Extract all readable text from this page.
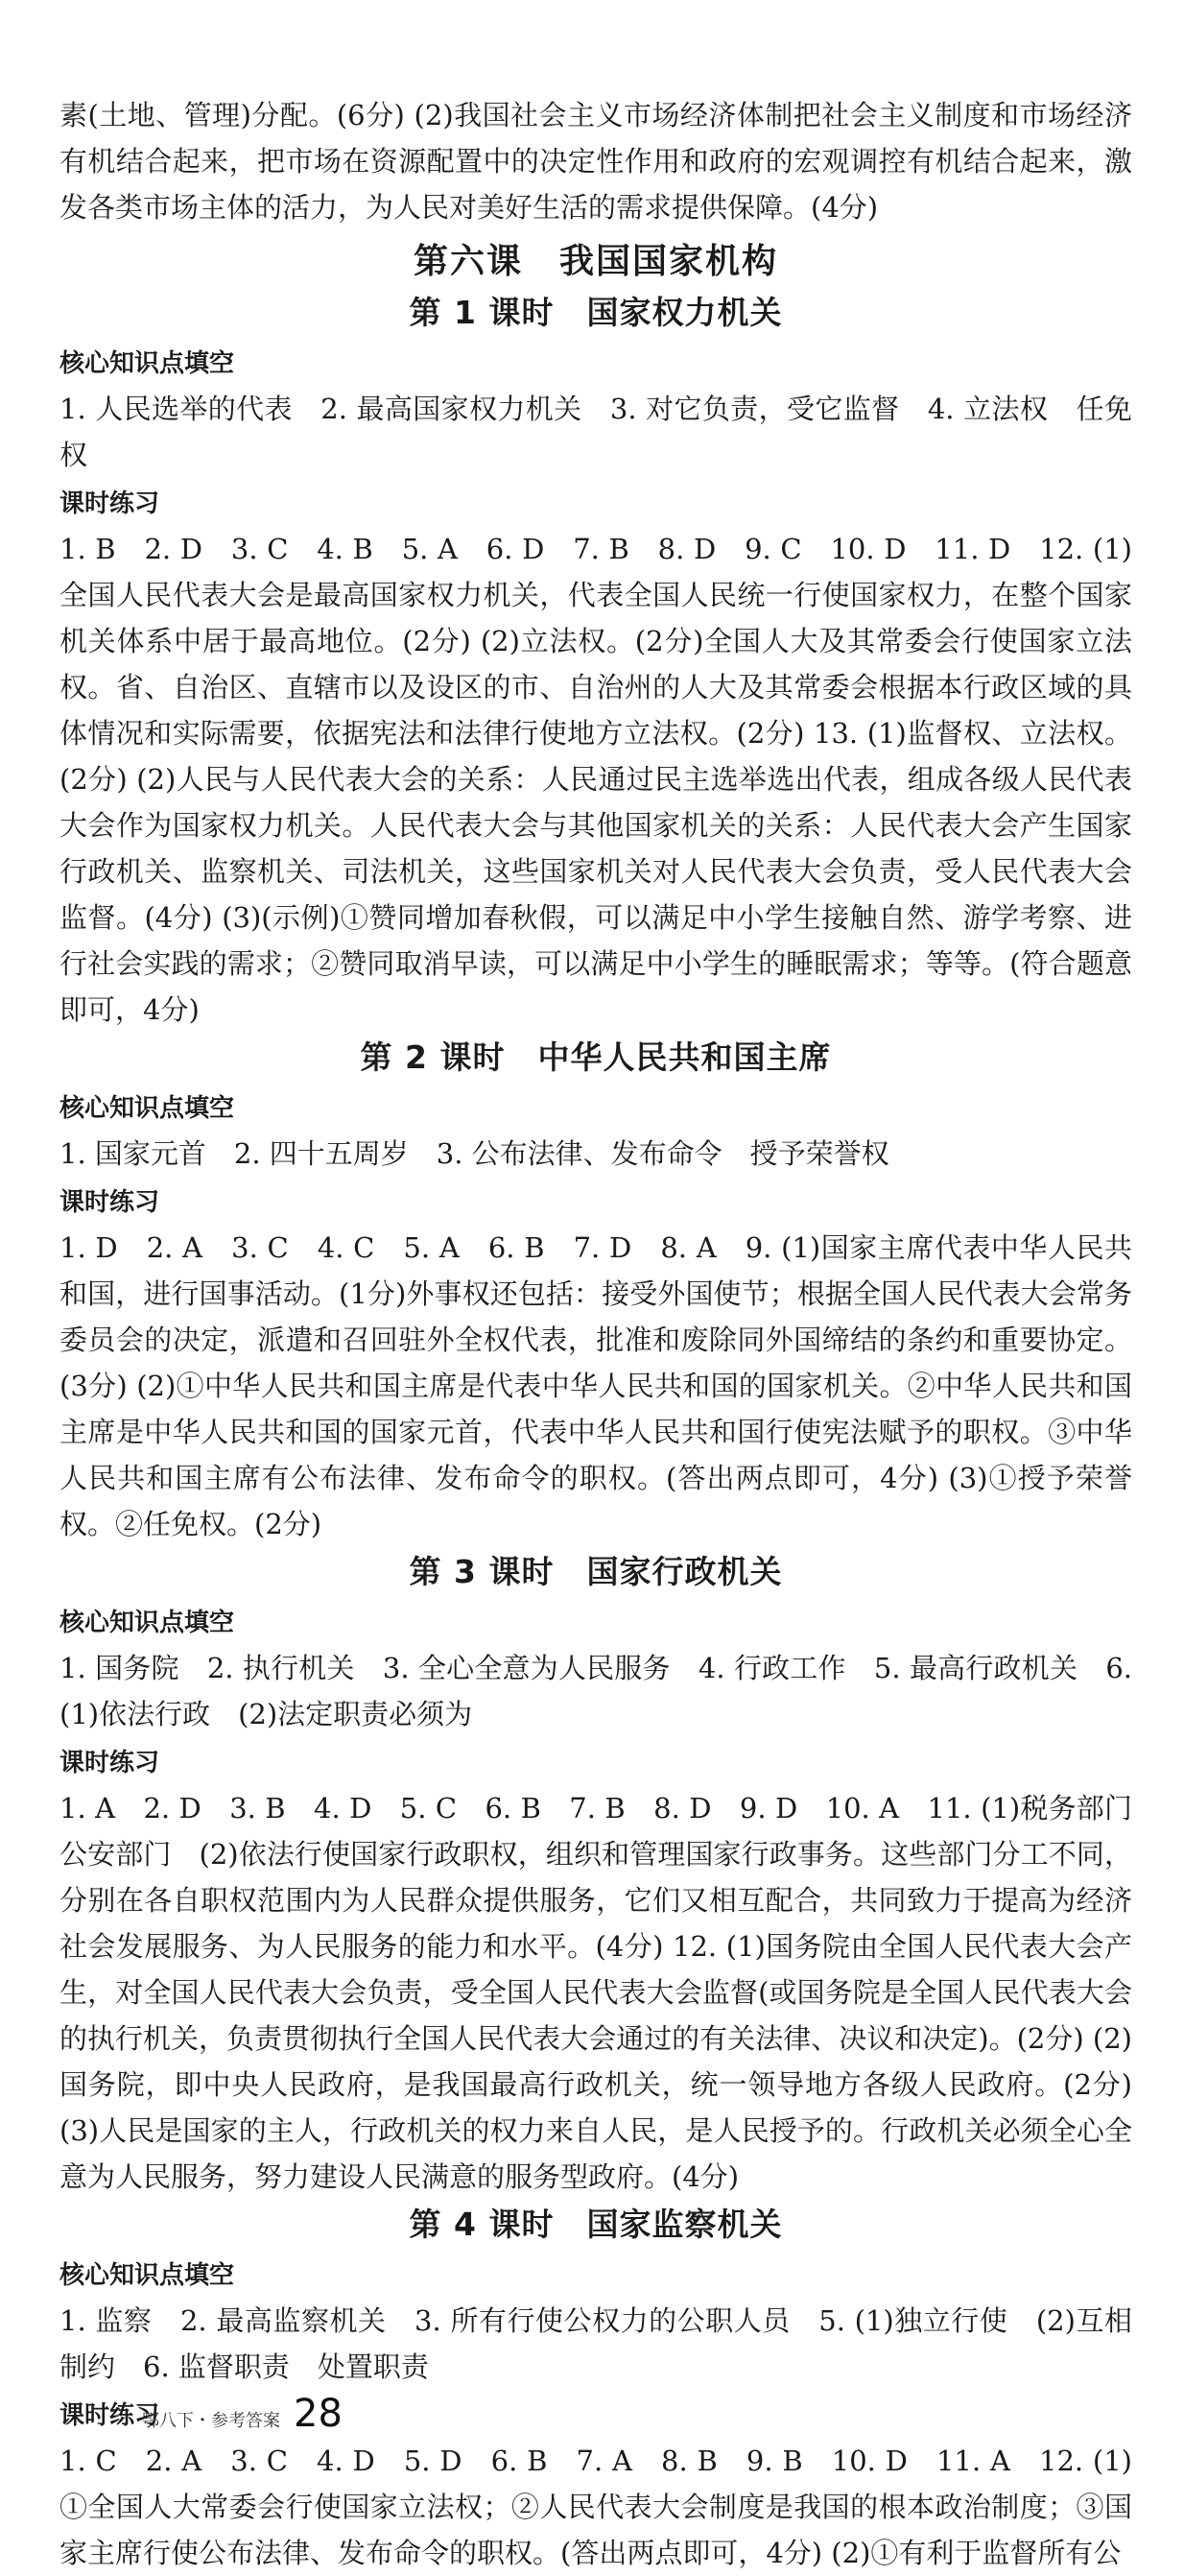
素(土地、管理)分配。(6分) (2)我国社会主义市场经济体制把社会主义制度和市场经济有机结合起来，把市场在资源配置中的决定性作用和政府的宏观调控有机结合起来，激发各类市场主体的活力，为人民对美好生活的需求提供保障。(4分)

第六课　我国国家机构
第 1 课时　国家权力机关
核心知识点填空

1. 人民选举的代表　2. 最高国家权力机关　3. 对它负责，受它监督　4. 立法权　任免权

课时练习

1. B　2. D　3. C　4. B　5. A　6. D　7. B　8. D　9. C　10. D　11. D　12. (1)全国人民代表大会是最高国家权力机关，代表全国人民统一行使国家权力，在整个国家机关体系中居于最高地位。(2分) (2)立法权。(2分)全国人大及其常委会行使国家立法权。省、自治区、直辖市以及设区的市、自治州的人大及其常委会根据本行政区域的具体情况和实际需要，依据宪法和法律行使地方立法权。(2分) 13. (1)监督权、立法权。(2分) (2)人民与人民代表大会的关系：人民通过民主选举选出代表，组成各级人民代表大会作为国家权力机关。人民代表大会与其他国家机关的关系：人民代表大会产生国家行政机关、监察机关、司法机关，这些国家机关对人民代表大会负责，受人民代表大会监督。(4分) (3)(示例)①赞同增加春秋假，可以满足中小学生接触自然、游学考察、进行社会实践的需求；②赞同取消早读，可以满足中小学生的睡眠需求；等等。(符合题意即可，4分)

第 2 课时　中华人民共和国主席
核心知识点填空

1. 国家元首　2. 四十五周岁　3. 公布法律、发布命令　授予荣誉权

课时练习

1. D　2. A　3. C　4. C　5. A　6. B　7. D　8. A　9. (1)国家主席代表中华人民共和国，进行国事活动。(1分)外事权还包括：接受外国使节；根据全国人民代表大会常务委员会的决定，派遣和召回驻外全权代表，批准和废除同外国缔结的条约和重要协定。(3分) (2)①中华人民共和国主席是代表中华人民共和国的国家机关。②中华人民共和国主席是中华人民共和国的国家元首，代表中华人民共和国行使宪法赋予的职权。③中华人民共和国主席有公布法律、发布命令的职权。(答出两点即可，4分) (3)①授予荣誉权。②任免权。(2分)

第 3 课时　国家行政机关
核心知识点填空

1. 国务院　2. 执行机关　3. 全心全意为人民服务　4. 行政工作　5. 最高行政机关　6. (1)依法行政　(2)法定职责必须为

课时练习

1. A　2. D　3. B　4. D　5. C　6. B　7. B　8. D　9. D　10. A　11. (1)税务部门　公安部门　(2)依法行使国家行政职权，组织和管理国家行政事务。这些部门分工不同，分别在各自职权范围内为人民群众提供服务，它们又相互配合，共同致力于提高为经济社会发展服务、为人民服务的能力和水平。(4分) 12. (1)国务院由全国人民代表大会产生，对全国人民代表大会负责，受全国人民代表大会监督(或国务院是全国人民代表大会的执行机关，负责贯彻执行全国人民代表大会通过的有关法律、决议和决定)。(2分) (2)国务院，即中央人民政府，是我国最高行政机关，统一领导地方各级人民政府。(2分) (3)人民是国家的主人，行政机关的权力来自人民，是人民授予的。行政机关必须全心全意为人民服务，努力建设人民满意的服务型政府。(4分)

第 4 课时　国家监察机关
核心知识点填空

1. 监察　2. 最高监察机关　3. 所有行使公权力的公职人员　5. (1)独立行使　(2)互相制约　6. 监督职责　处置职责

课时练习

1. C　2. A　3. C　4. D　5. D　6. B　7. A　8. B　9. B　10. D　11. A　12. (1)①全国人大常委会行使国家立法权；②人民代表大会制度是我国的根本政治制度；③国家主席行使公布法律、发布命令的职权。(答出两点即可，4分) (2)①有利于监督所有公

鄂八下・参考答案 28
